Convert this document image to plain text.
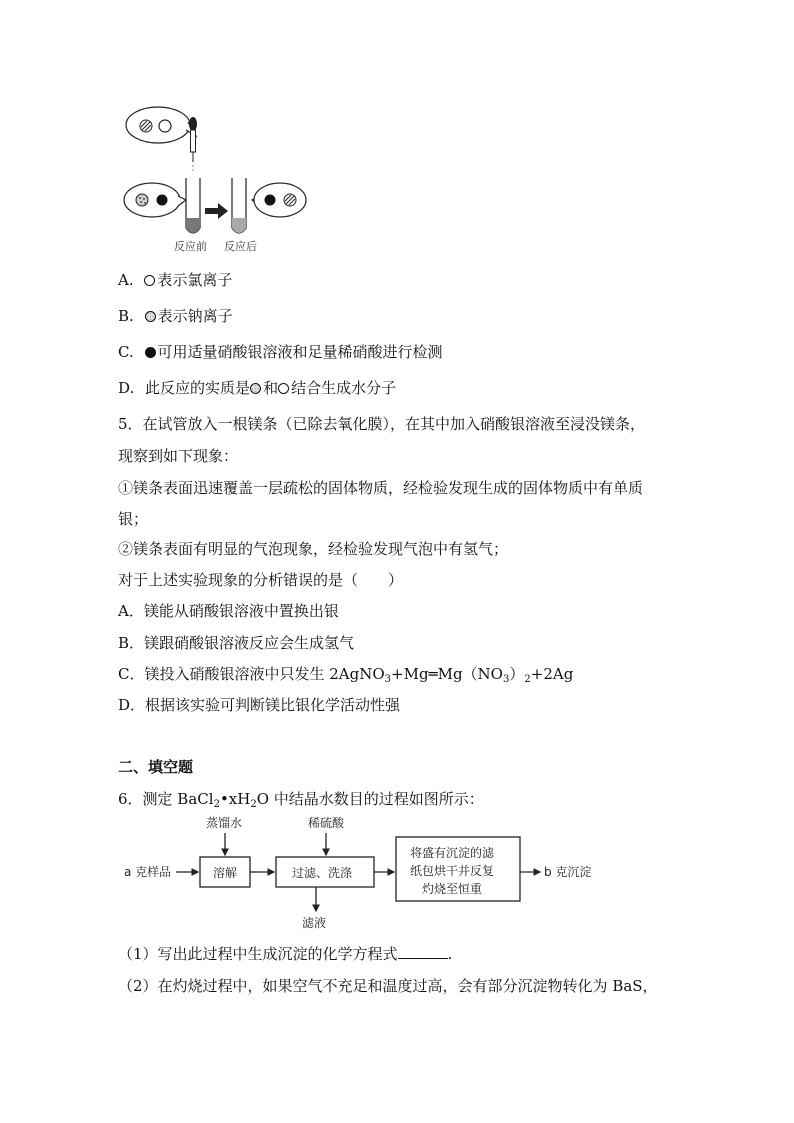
反应前 反应后
A. 表示氯离子
B. 表示钠离子
C. 可用适量硝酸银溶液和足量稀硝酸进行检测
D. 此反应的实质是 和 结合生成水分子
5．在试管放入一根镁条（已除去氧化膜），在其中加入硝酸银溶液至浸没镁条，
现察到如下现象：
①镁条表面迅速覆盖一层疏松的固体物质，经检验发现生成的固体物质中有单质
银；
②镁条表面有明显的气泡现象，经检验发现气泡中有氢气；
对于上述实验现象的分析错误的是（　　）
A．镁能从硝酸银溶液中置换出银
B．镁跟硝酸银溶液反应会生成氢气
C．镁投入硝酸银溶液中只发生 $2AgNO_3+Mg═Mg(NO_3)_2+2Ag$
D．根据该实验可判断镁比银化学活动性强
二、填空题
6．测定 $BaCl_2•xH_2O$ 中结晶水数目的过程如图所示：
a 克样品
蒸馏水
溶解
稀硫酸
过滤、洗涤
滤液
将盛有沉淀的滤
纸包烘干并反复
灼烧至恒重
b 克沉淀
（1）写出此过程中生成沉淀的化学方程式	.
（2）在灼烧过程中，如果空气不充足和温度过高，会有部分沉淀物转化为 BaS，
